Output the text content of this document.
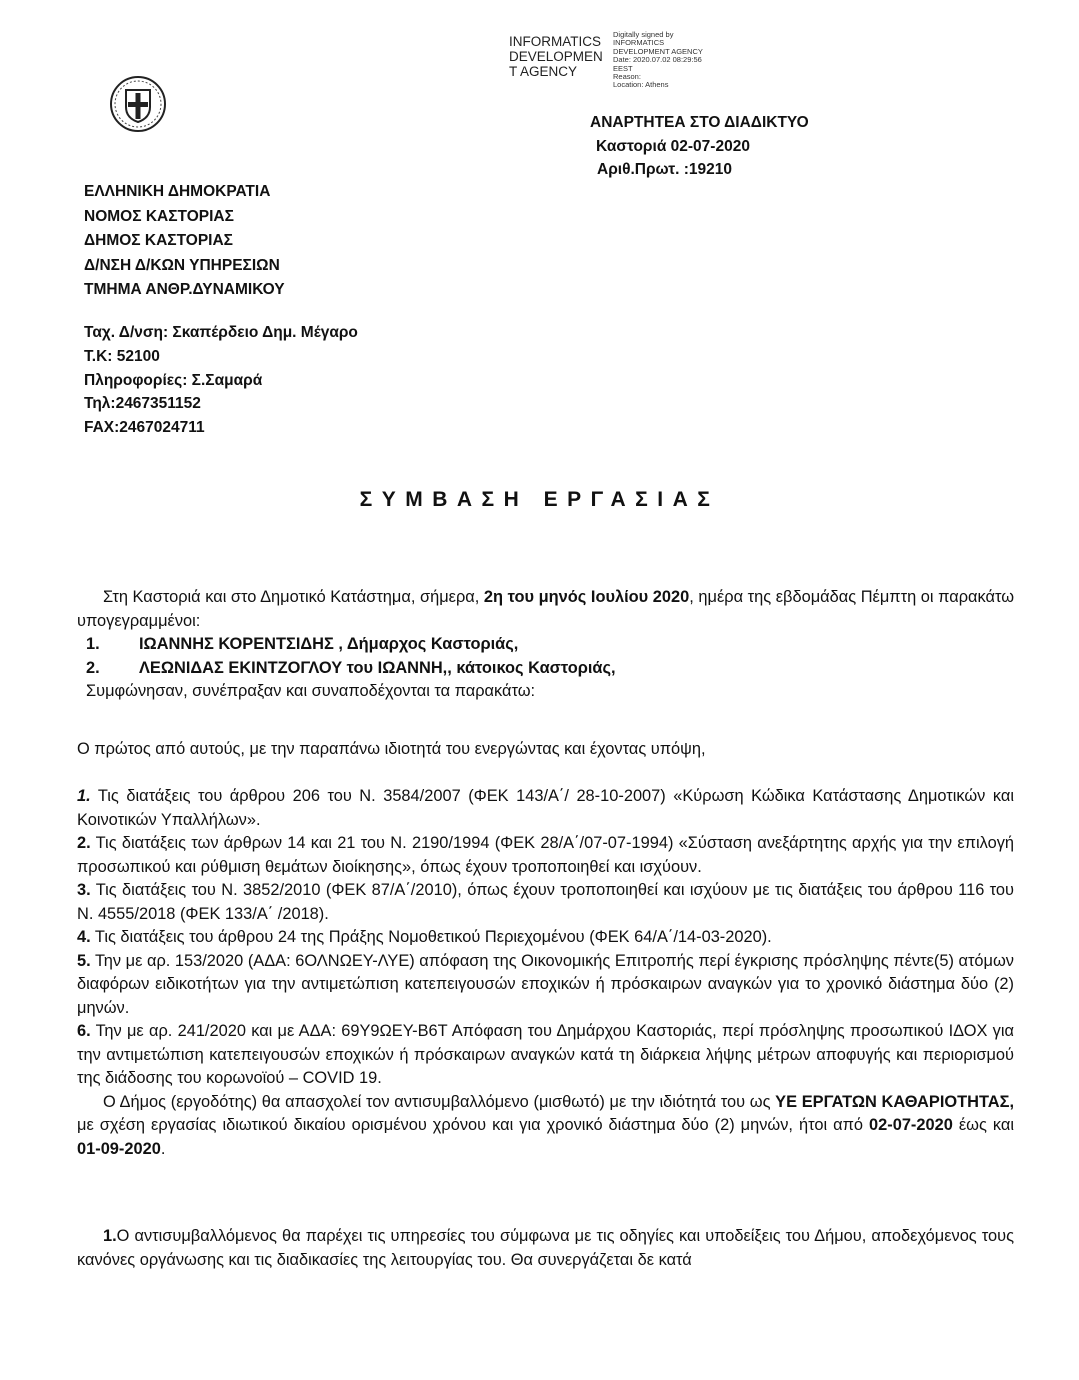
INFORMATICS
DEVELOPMEN
T AGENCY
Digitally signed by
INFORMATICS
DEVELOPMENT AGENCY
Date: 2020.07.02 08:29:56
EEST
Reason:
Location: Athens
ΑΝΑΡΤΗΤΕΑ ΣΤΟ ΔΙΑΔΙΚΤΥΟ
Καστοριά 02-07-2020
Αριθ.Πρωτ. :19210
ΕΛΛΗΝΙΚΗ ΔΗΜΟΚΡΑΤΙΑ
ΝΟΜΟΣ ΚΑΣΤΟΡΙΑΣ
ΔΗΜΟΣ ΚΑΣΤΟΡΙΑΣ
Δ/ΝΣΗ Δ/ΚΩΝ ΥΠΗΡΕΣΙΩΝ
ΤΜΗΜΑ ΑΝΘΡ.ΔΥΝΑΜΙΚΟΥ
Ταχ. Δ/νση: Σκαπέρδειο Δημ. Μέγαρο
Τ.Κ: 52100
Πληροφορίες: Σ.Σαμαρά
Τηλ:2467351152
FAX:2467024711
ΣΥΜΒΑΣΗ ΕΡΓΑΣΙΑΣ
Στη Καστοριά και στο Δημοτικό Κατάστημα, σήμερα, 2η του μηνός Ιουλίου 2020, ημέρα της εβδομάδας Πέμπτη οι παρακάτω υπογεγραμμένοι:
1.	ΙΩΑΝΝΗΣ ΚΟΡΕΝΤΣΙΔΗΣ , Δήμαρχος Καστοριάς,
2.	ΛΕΩΝΙΔΑΣ ΕΚΙΝΤΖΟΓΛΟΥ του ΙΩΑΝΝΗ,, κάτοικος Καστοριάς,
Συμφώνησαν, συνέπραξαν και συναποδέχονται τα παρακάτω:
Ο πρώτος από αυτούς, με την παραπάνω ιδιοτητά του ενεργώντας και έχοντας υπόψη,
1. Τις διατάξεις του άρθρου 206 του Ν. 3584/2007 (ΦΕΚ 143/Α΄/ 28-10-2007) «Κύρωση Κώδικα Κατάστασης Δημοτικών και Κοινοτικών Υπαλλήλων».
2. Τις διατάξεις των άρθρων 14 και 21 του Ν. 2190/1994 (ΦΕΚ 28/Α΄/07-07-1994) «Σύσταση ανεξάρτητης αρχής για την επιλογή προσωπικού και ρύθμιση θεμάτων διοίκησης», όπως έχουν τροποποιηθεί και ισχύουν.
3. Τις διατάξεις του Ν. 3852/2010 (ΦΕΚ 87/Α΄/2010), όπως έχουν τροποποιηθεί και ισχύουν με τις διατάξεις του άρθρου 116 του Ν. 4555/2018 (ΦΕΚ 133/Α΄ /2018).
4. Τις διατάξεις του άρθρου 24 της Πράξης Νομοθετικού Περιεχομένου (ΦΕΚ 64/Α΄/14-03-2020).
5. Την με αρ. 153/2020 (ΑΔΑ: 6ΟΛΝΩΕΥ-ΛΥΕ) απόφαση της Οικονομικής Επιτροπής περί έγκρισης πρόσληψης πέντε(5) ατόμων διαφόρων ειδικοτήτων για την αντιμετώπιση κατεπειγουσών εποχικών ή πρόσκαιρων αναγκών για το χρονικό διάστημα δύο (2) μηνών.
6. Την με αρ. 241/2020 και με ΑΔΑ: 69Υ9ΩΕΥ-Β6Τ Απόφαση του Δημάρχου Καστοριάς, περί πρόσληψης προσωπικού ΙΔΟΧ για την αντιμετώπιση κατεπειγουσών εποχικών ή πρόσκαιρων αναγκών κατά τη διάρκεια λήψης μέτρων αποφυγής και περιορισμού της διάδοσης του κορωνοϊού – COVID 19.
Ο Δήμος (εργοδότης) θα απασχολεί τον αντισυμβαλλόμενο (μισθωτό) με την ιδιότητά του ως ΥΕ ΕΡΓΑΤΩΝ ΚΑΘΑΡΙΟΤΗΤΑΣ, με σχέση εργασίας ιδιωτικού δικαίου ορισμένου χρόνου και για χρονικό διάστημα δύο (2) μηνών, ήτοι από 02-07-2020 έως και 01-09-2020.
1.Ο αντισυμβαλλόμενος θα παρέχει τις υπηρεσίες του σύμφωνα με τις οδηγίες και υποδείξεις του Δήμου, αποδεχόμενος τους κανόνες οργάνωσης και τις διαδικασίες της λειτουργίας του. Θα συνεργάζεται δε κατά
